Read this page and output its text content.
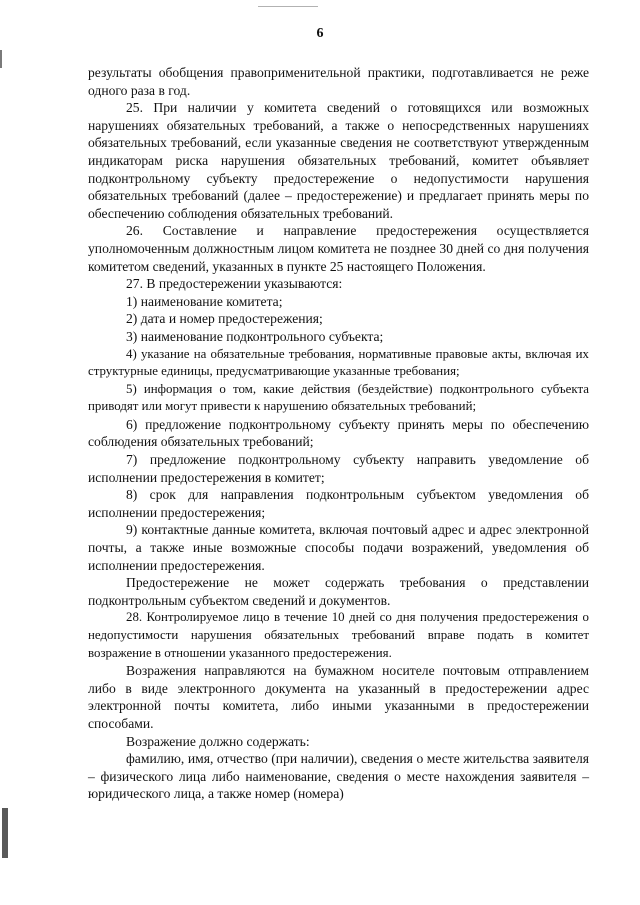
6

результаты обобщения правоприменительной практики, подготавливается не реже одного раза в год.

25. При наличии у комитета сведений о готовящихся или возможных нарушениях обязательных требований, а также о непосредственных нарушениях обязательных требований, если указанные сведения не соответствуют утвержденным индикаторам риска нарушения обязательных требований, комитет объявляет подконтрольному субъекту предостережение о недопустимости нарушения обязательных требований (далее – предостережение) и предлагает принять меры по обеспечению соблюдения обязательных требований.

26. Составление и направление предостережения осуществляется уполномоченным должностным лицом комитета не позднее 30 дней со дня получения комитетом сведений, указанных в пункте 25 настоящего Положения.

27. В предостережении указываются:

1) наименование комитета;

2) дата и номер предостережения;

3) наименование подконтрольного субъекта;

4) указание на обязательные требования, нормативные правовые акты, включая их структурные единицы, предусматривающие указанные требования;

5) информация о том, какие действия (бездействие) подконтрольного субъекта приводят или могут привести к нарушению обязательных требований;

6) предложение подконтрольному субъекту принять меры по обеспечению соблюдения обязательных требований;

7) предложение подконтрольному субъекту направить уведомление об исполнении предостережения в комитет;

8) срок для направления подконтрольным субъектом уведомления об исполнении предостережения;

9) контактные данные комитета, включая почтовый адрес и адрес электронной почты, а также иные возможные способы подачи возражений, уведомления об исполнении предостережения.

Предостережение не может содержать требования о представлении подконтрольным субъектом сведений и документов.

28. Контролируемое лицо в течение 10 дней со дня получения предостережения о недопустимости нарушения обязательных требований вправе подать в комитет возражение в отношении указанного предостережения.

Возражения направляются на бумажном носителе почтовым отправлением либо в виде электронного документа на указанный в предостережении адрес электронной почты комитета, либо иными указанными в предостережении способами.

Возражение должно содержать:

фамилию, имя, отчество (при наличии), сведения о месте жительства заявителя – физического лица либо наименование, сведения о месте нахождения заявителя – юридического лица, а также номер (номера)
